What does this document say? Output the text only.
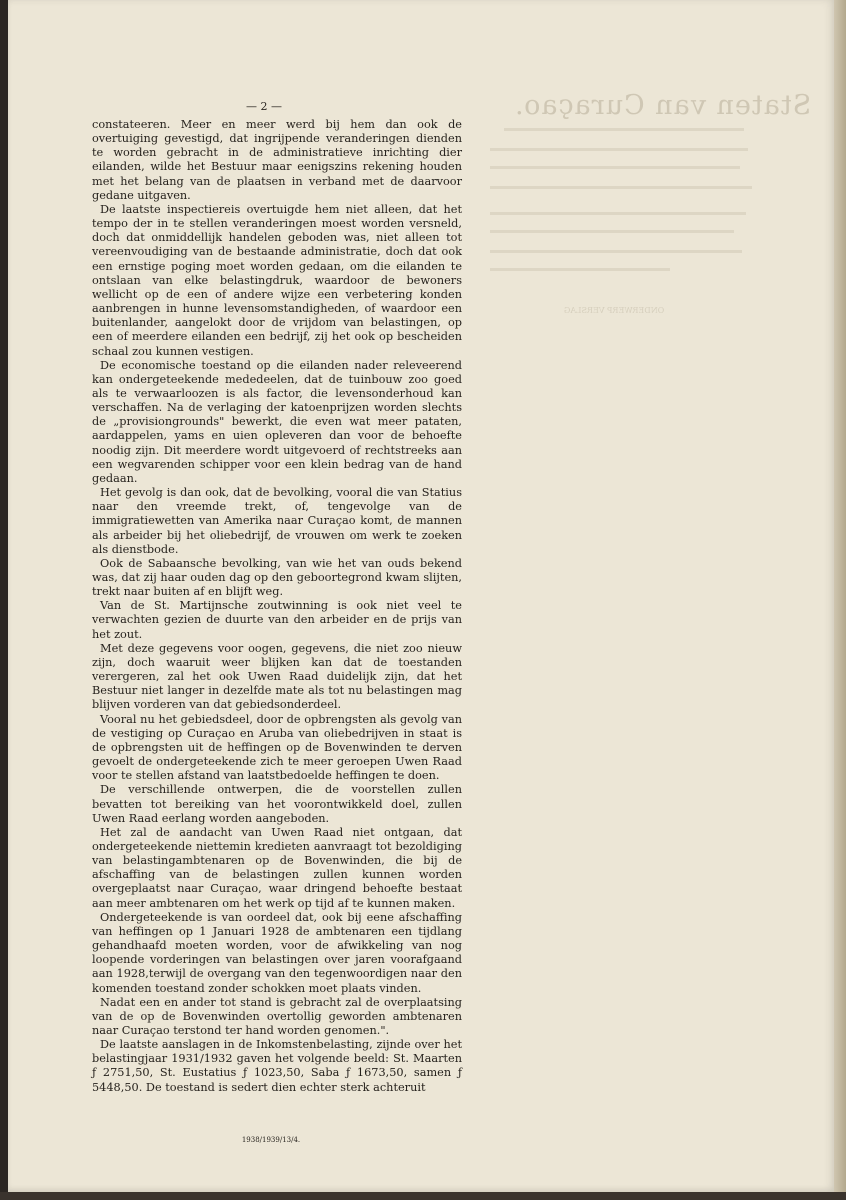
Staten van Curaçao.
ONDERWERP VERSLAG
— 2 —

constateeren. Meer en meer werd bij hem dan ook de overtuiging gevestigd, dat ingrijpende veranderingen dienden te worden gebracht in de administratieve inrichting dier eilanden, wilde het Bestuur maar eenigszins rekening houden met het belang van de plaatsen in verband met de daarvoor gedane uitgaven.

De laatste inspectiereis overtuigde hem niet alleen, dat het tempo der in te stellen veranderingen moest worden versneld, doch dat onmiddellijk handelen geboden was, niet alleen tot vereenvoudiging van de bestaande administratie, doch dat ook een ernstige poging moet worden gedaan, om die eilanden te ontslaan van elke belastingdruk, waardoor de bewoners wellicht op de een of andere wijze een verbetering konden aanbrengen in hunne levensomstandigheden, of waardoor een buitenlander, aangelokt door de vrijdom van belastingen, op een of meerdere eilanden een bedrijf, zij het ook op bescheiden schaal zou kunnen vestigen.

De economische toestand op die eilanden nader releveerend kan ondergeteekende mededeelen, dat de tuinbouw zoo goed als te verwaarloozen is als factor, die levensonderhoud kan verschaffen. Na de verlaging der katoenprijzen worden slechts de „provisiongrounds" bewerkt, die even wat meer pataten, aardappelen, yams en uien opleveren dan voor de behoefte noodig zijn. Dit meerdere wordt uitgevoerd of rechtstreeks aan een wegvarenden schipper voor een klein bedrag van de hand gedaan.

Het gevolg is dan ook, dat de bevolking, vooral die van Statius naar den vreemde trekt, of, tengevolge van de immigratiewetten van Amerika naar Curaçao komt, de mannen als arbeider bij het oliebedrijf, de vrouwen om werk te zoeken als dienstbode.

Ook de Sabaansche bevolking, van wie het van ouds bekend was, dat zij haar ouden dag op den geboortegrond kwam slijten, trekt naar buiten af en blijft weg.

Van de St. Martijnsche zoutwinning is ook niet veel te verwachten gezien de duurte van den arbeider en de prijs van het zout.

Met deze gegevens voor oogen, gegevens, die niet zoo nieuw zijn, doch waaruit weer blijken kan dat de toestanden verergeren, zal het ook Uwen Raad duidelijk zijn, dat het Bestuur niet langer in dezelfde mate als tot nu belastingen mag blijven vorderen van dat gebiedsonderdeel.

Vooral nu het gebiedsdeel, door de opbrengsten als gevolg van de vestiging op Curaçao en Aruba van oliebedrijven in staat is de opbrengsten uit de heffingen op de Bovenwinden te derven gevoelt de ondergeteekende zich te meer geroepen Uwen Raad voor te stellen afstand van laatstbedoelde heffingen te doen.

De verschillende ontwerpen, die de voorstellen zullen bevatten tot bereiking van het voorontwikkeld doel, zullen Uwen Raad eerlang worden aangeboden.

Het zal de aandacht van Uwen Raad niet ontgaan, dat ondergeteekende niettemin kredieten aanvraagt tot bezoldiging van belastingambtenaren op de Bovenwinden, die bij de afschaffing van de belastingen zullen kunnen worden overgeplaatst naar Curaçao, waar dringend behoefte bestaat aan meer ambtenaren om het werk op tijd af te kunnen maken.

Ondergeteekende is van oordeel dat, ook bij eene afschaffing van heffingen op 1 Januari 1928 de ambtenaren een tijdlang gehandhaafd moeten worden, voor de afwikkeling van nog loopende vorderingen van belastingen over jaren voorafgaand aan 1928,terwijl de overgang van den tegenwoordigen naar den komenden toestand zonder schokken moet plaats vinden.

Nadat een en ander tot stand is gebracht zal de overplaatsing van de op de Bovenwinden overtollig geworden ambtenaren naar Curaçao terstond ter hand worden genomen.".

De laatste aanslagen in de Inkomstenbelasting, zijnde over het belastingjaar 1931/1932 gaven het volgende beeld: St. Maarten ƒ 2751,50, St. Eustatius ƒ 1023,50, Saba ƒ 1673,50, samen ƒ 5448,50. De toestand is sedert dien echter sterk achteruit

1938/1939/13/4.
